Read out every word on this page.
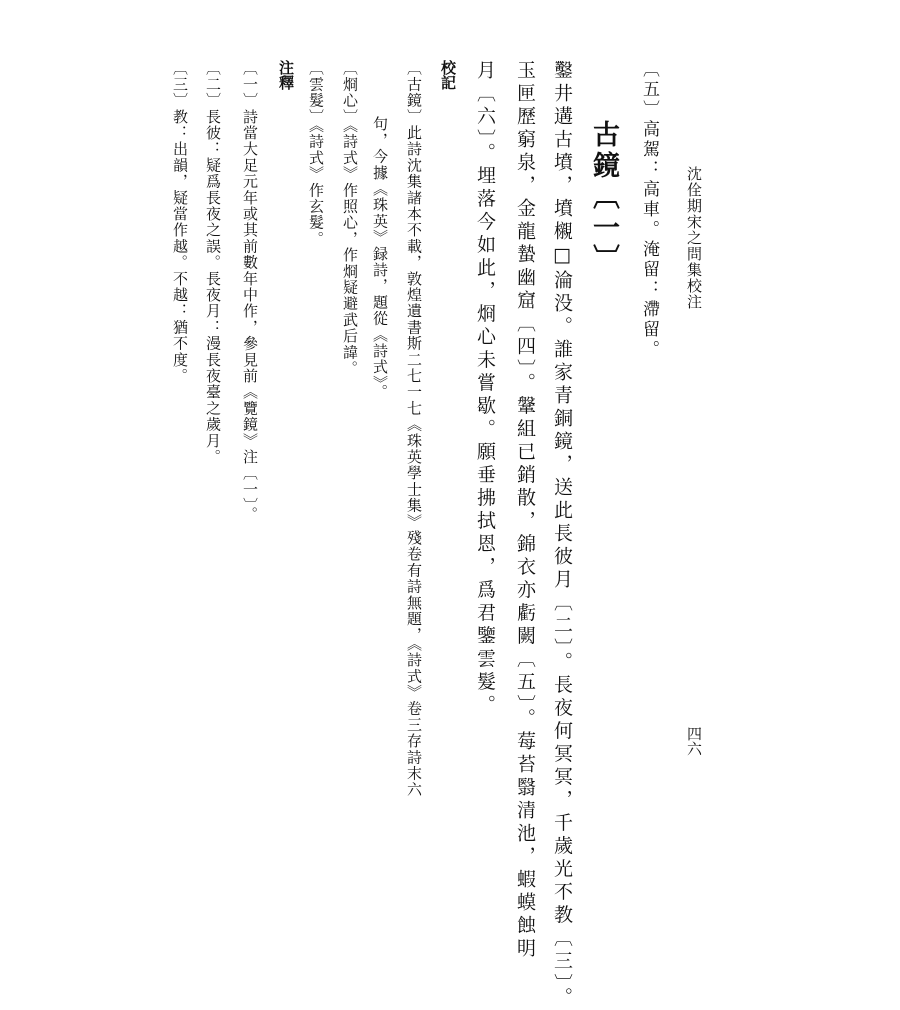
沈佺期宋之問集校注
四六
〔五〕高駕：高車。淹留：滯留。
古鏡〔一〕
鑿井遘古墳，墳櫬□淪没。誰家青銅鏡，送此長彼月〔二〕。長夜何冥冥，千歲光不教〔三〕。
玉匣歷窮泉，金龍蟄幽窟〔四〕。鞶組已銷散，錦衣亦虧闕〔五〕。莓苔翳清池，蝦蟆蝕明
月〔六〕。埋落今如此，烱心未嘗歇。願垂拂拭恩，爲君鑒雲髮。
校記
〔古鏡〕此詩沈集諸本不載，敦煌遺書斯二七一七《珠英學士集》殘卷有詩無題，《詩式》卷三存詩末六
句，今據《珠英》録詩，題從《詩式》。
〔烱心〕《詩式》作照心，作烱疑避武后諱。
〔雲髮〕《詩式》作玄髮。
注釋
〔一〕詩當大足元年或其前數年中作，參見前《覽鏡》注〔一〕。
〔二〕長彼：疑爲長夜之誤。長夜月：漫長夜臺之歲月。
〔三〕教：出韻，疑當作越。不越：猶不度。
